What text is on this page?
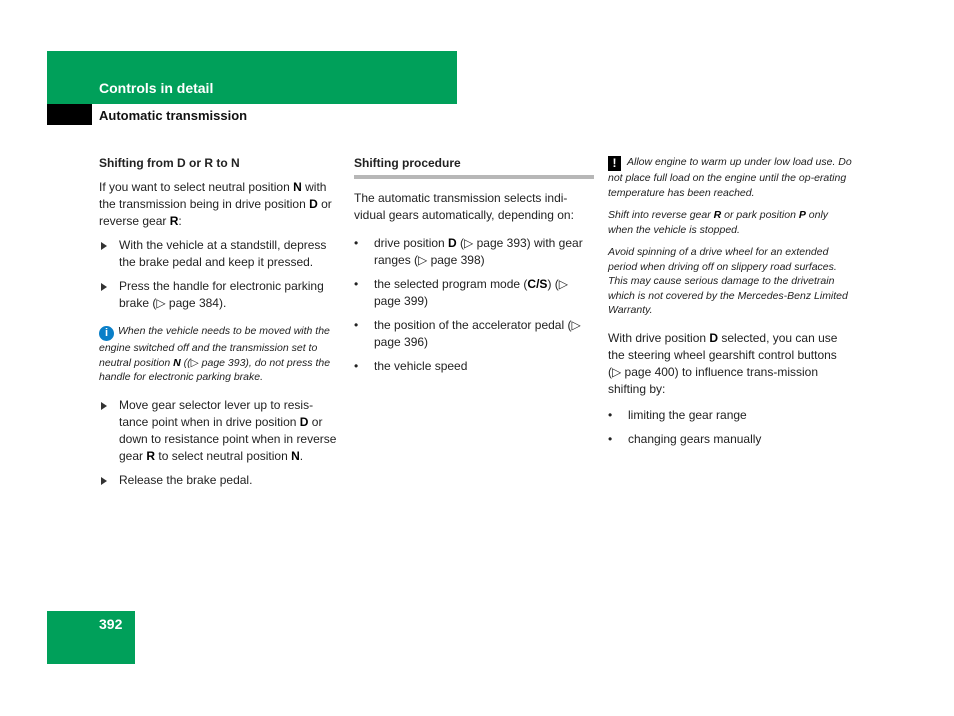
Controls in detail
Automatic transmission
Shifting from D or R to N

If you want to select neutral position N with the transmission being in drive position D or reverse gear R:

With the vehicle at a standstill, depress the brake pedal and keep it pressed.
Press the handle for electronic parking brake (▷ page 384).
i When the vehicle needs to be moved with the engine switched off and the transmission set to neutral position N ((▷ page 393), do not press the handle for electronic parking brake.
Move gear selector lever up to resis-tance point when in drive position D or down to resistance point when in reverse gear R to select neutral position N.
Release the brake pedal.
Shifting procedure

The automatic transmission selects indi-vidual gears automatically, depending on:

• drive position D (▷ page 393) with gear ranges (▷ page 398)
• the selected program mode (C/S) (▷ page 399)
• the position of the accelerator pedal (▷ page 396)
• the vehicle speed
! Allow engine to warm up under low load use. Do not place full load on the engine until the op-erating temperature has been reached.
Shift into reverse gear R or park position P only when the vehicle is stopped.
Avoid spinning of a drive wheel for an extended period when driving off on slippery road surfaces. This may cause serious damage to the drivetrain which is not covered by the Mercedes-Benz Limited Warranty.

With drive position D selected, you can use the steering wheel gearshift control buttons (▷ page 400) to influence trans-mission shifting by:

• limiting the gear range
• changing gears manually
392
